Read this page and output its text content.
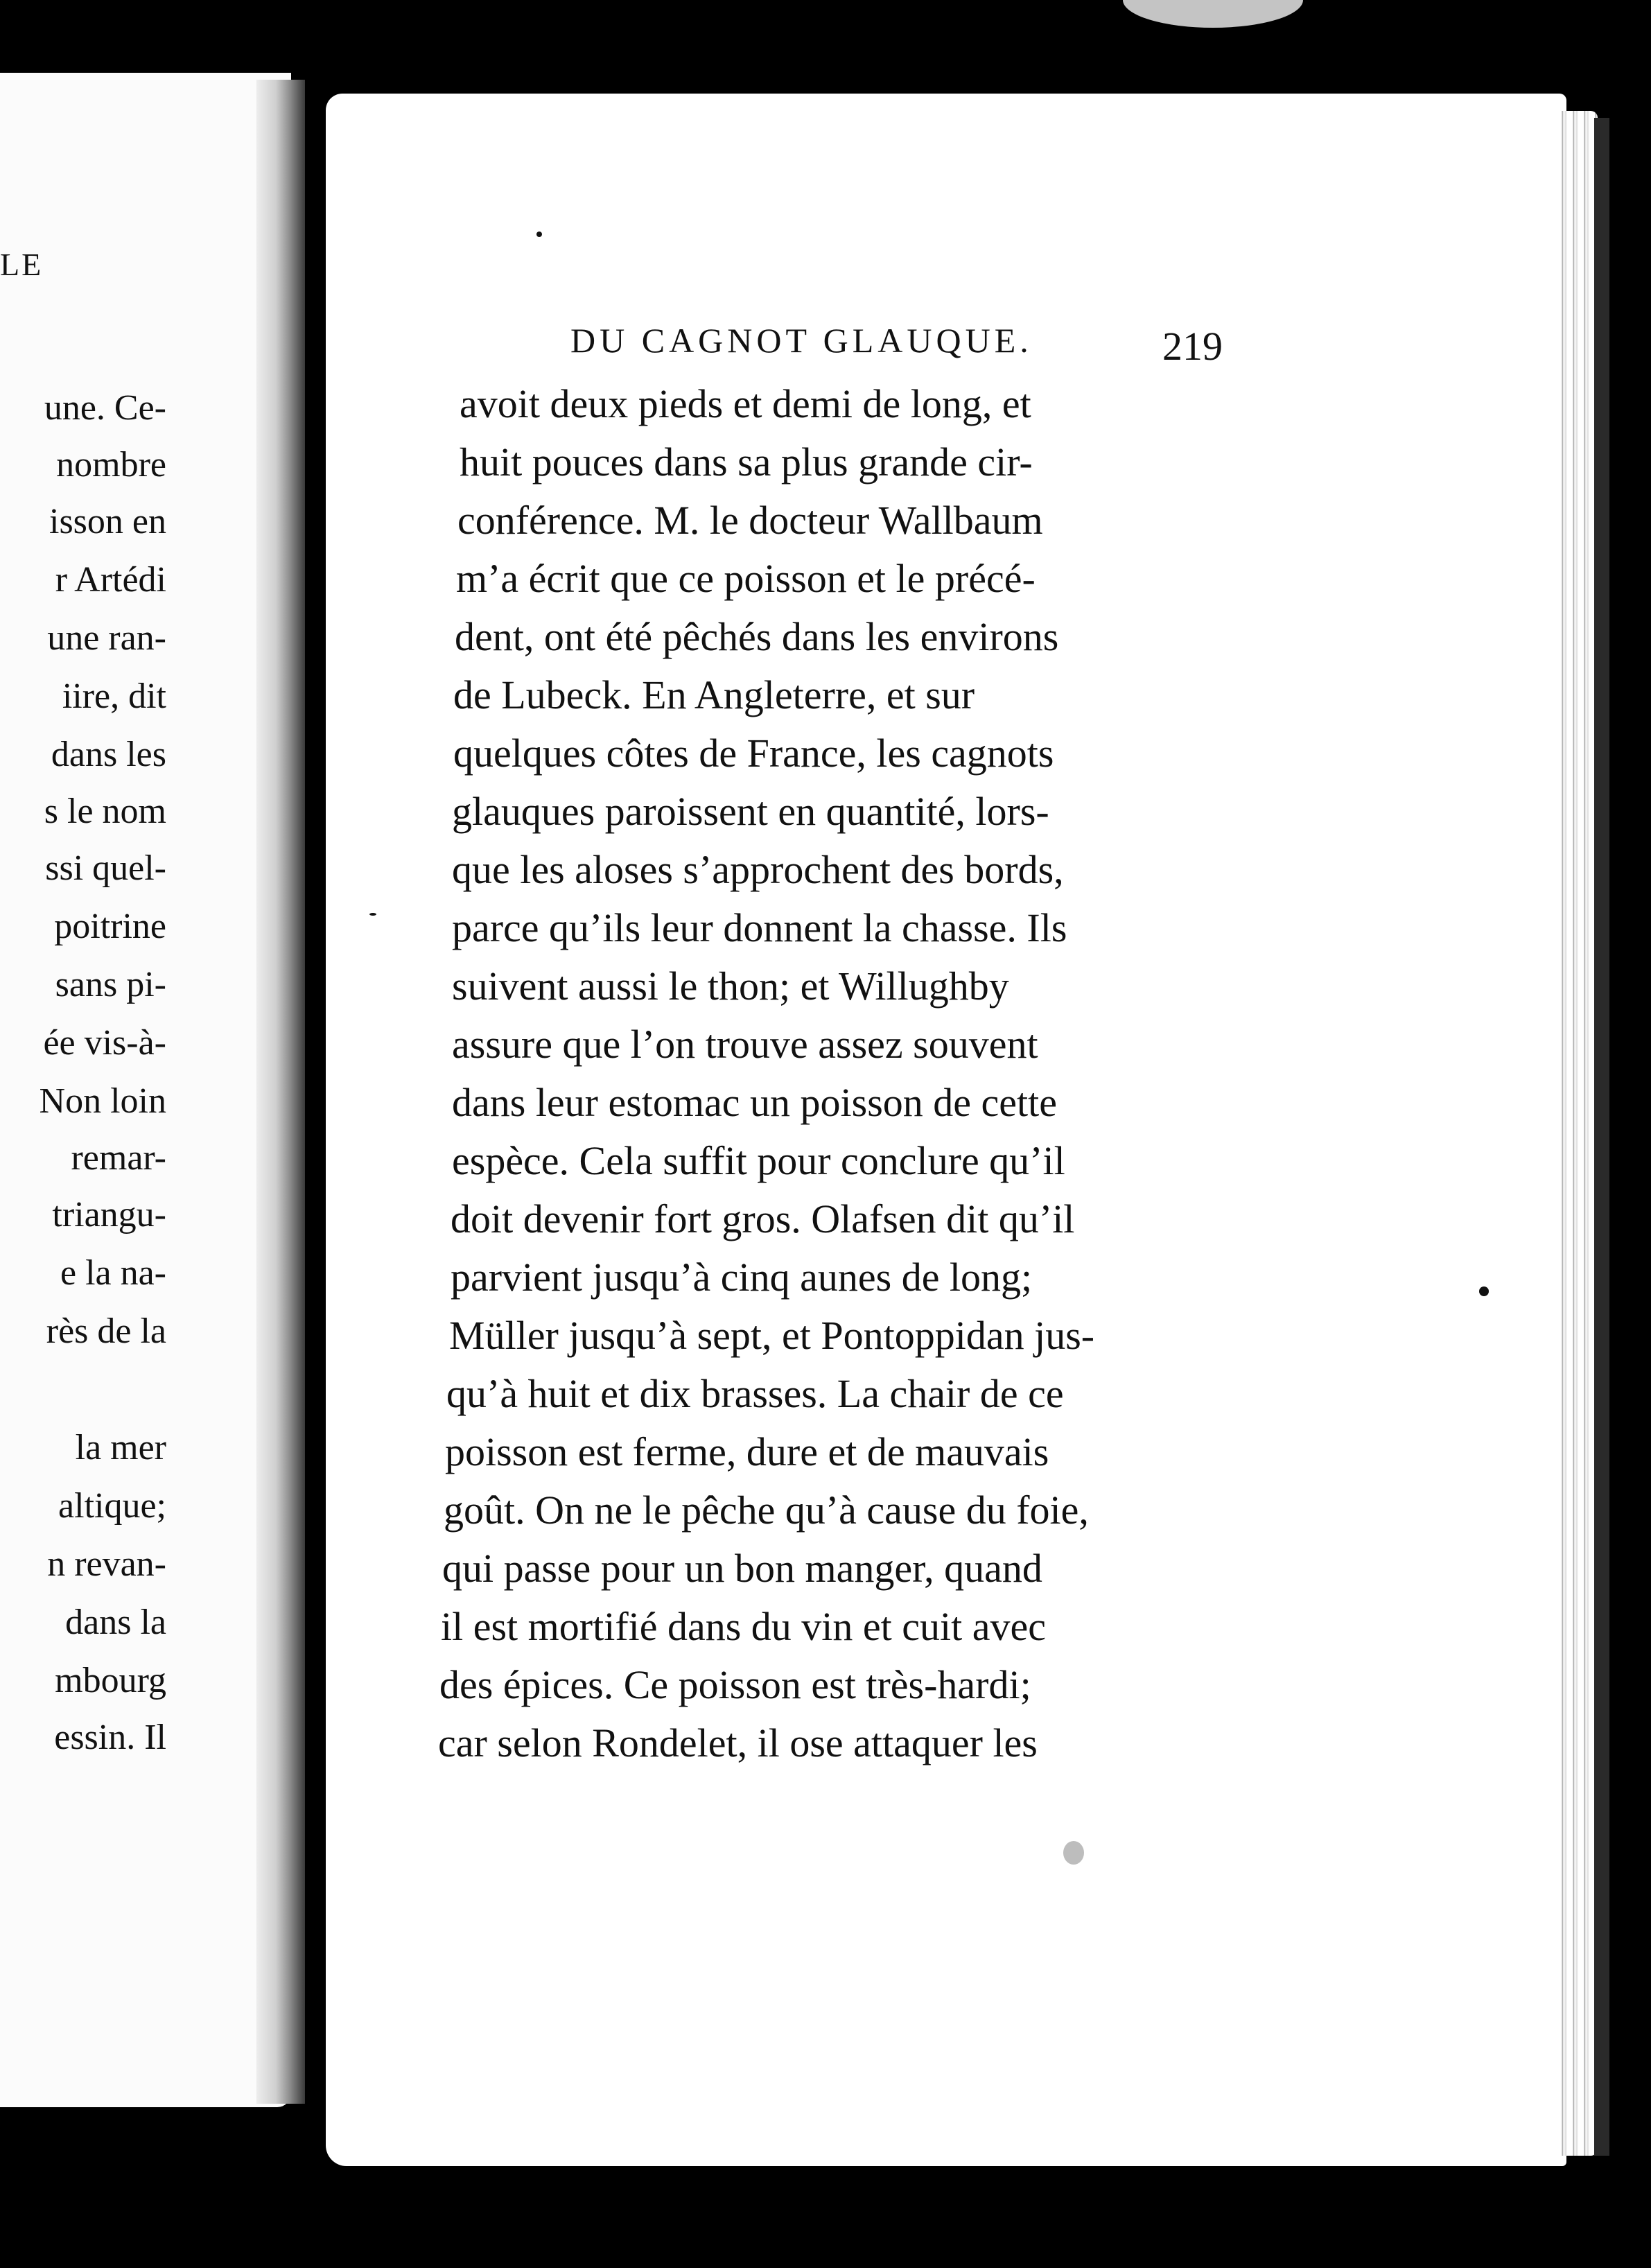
LE
une. Ce-
nombre
isson en
r Artédi
une ran-
iire, dit
dans les
s le nom
ssi quel-
poitrine
sans pi-
ée vis-à-
Non loin
remar-
triangu-
e la na-
rès de la
la mer
altique;
n revan-
dans la
mbourg
essin. Il
DU CAGNOT GLAUQUE.	219
avoit deux pieds et demi de long, et
huit pouces dans sa plus grande cir-
conférence. M. le docteur Wallbaum
m’a écrit que ce poisson et le précé-
dent, ont été pêchés dans les environs
de Lubeck. En Angleterre, et sur
quelques côtes de France, les cagnots
glauques paroissent en quantité, lors-
que les aloses s’approchent des bords,
parce qu’ils leur donnent la chasse. Ils
suivent aussi le thon; et Willughby
assure que l’on trouve assez souvent
dans leur estomac un poisson de cette
espèce. Cela suffit pour conclure qu’il
doit devenir fort gros. Olafsen dit qu’il
parvient jusqu’à cinq aunes de long;
Müller jusqu’à sept, et Pontoppidan jus-
qu’à huit et dix brasses. La chair de ce
poisson est ferme, dure et de mauvais
goût. On ne le pêche qu’à cause du foie,
qui passe pour un bon manger, quand
il est mortifié dans du vin et cuit avec
des épices. Ce poisson est très-hardi;
car selon Rondelet, il ose attaquer les
